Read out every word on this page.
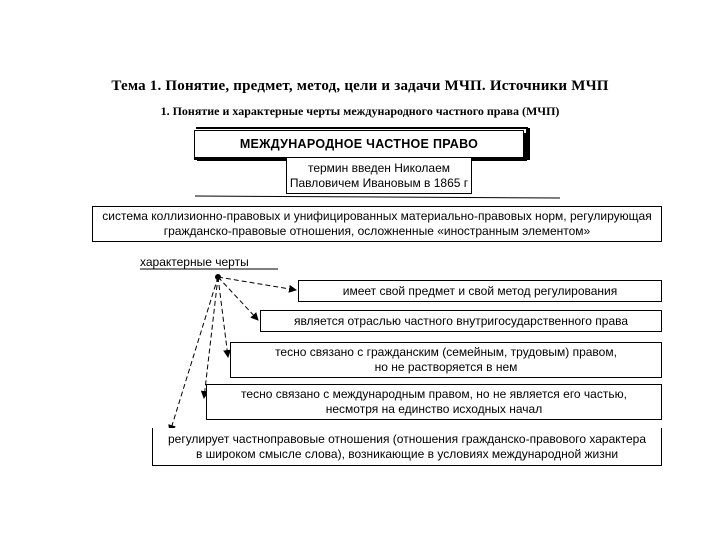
Тема 1. Понятие, предмет, метод, цели и задачи МЧП. Источники МЧП
1. Понятие и характерные черты международного частного права (МЧП)
МЕЖДУНАРОДНОЕ ЧАСТНОЕ ПРАВО
термин введен Николаем
Павловичем Ивановым в 1865 г
система коллизионно-правовых и унифицированных материально-правовых норм, регулирующая
гражданско-правовые отношения, осложненные «иностранным элементом»
характерные черты
имеет свой предмет и свой метод регулирования
является отраслью частного внутригосударственного права
тесно связано с гражданским (семейным, трудовым) правом,
но не растворяется в нем
тесно связано с международным правом, но не является его частью,
несмотря на единство исходных начал
регулирует частноправовые отношения (отношения гражданско-правового характера
в широком смысле слова), возникающие в условиях международной жизни
